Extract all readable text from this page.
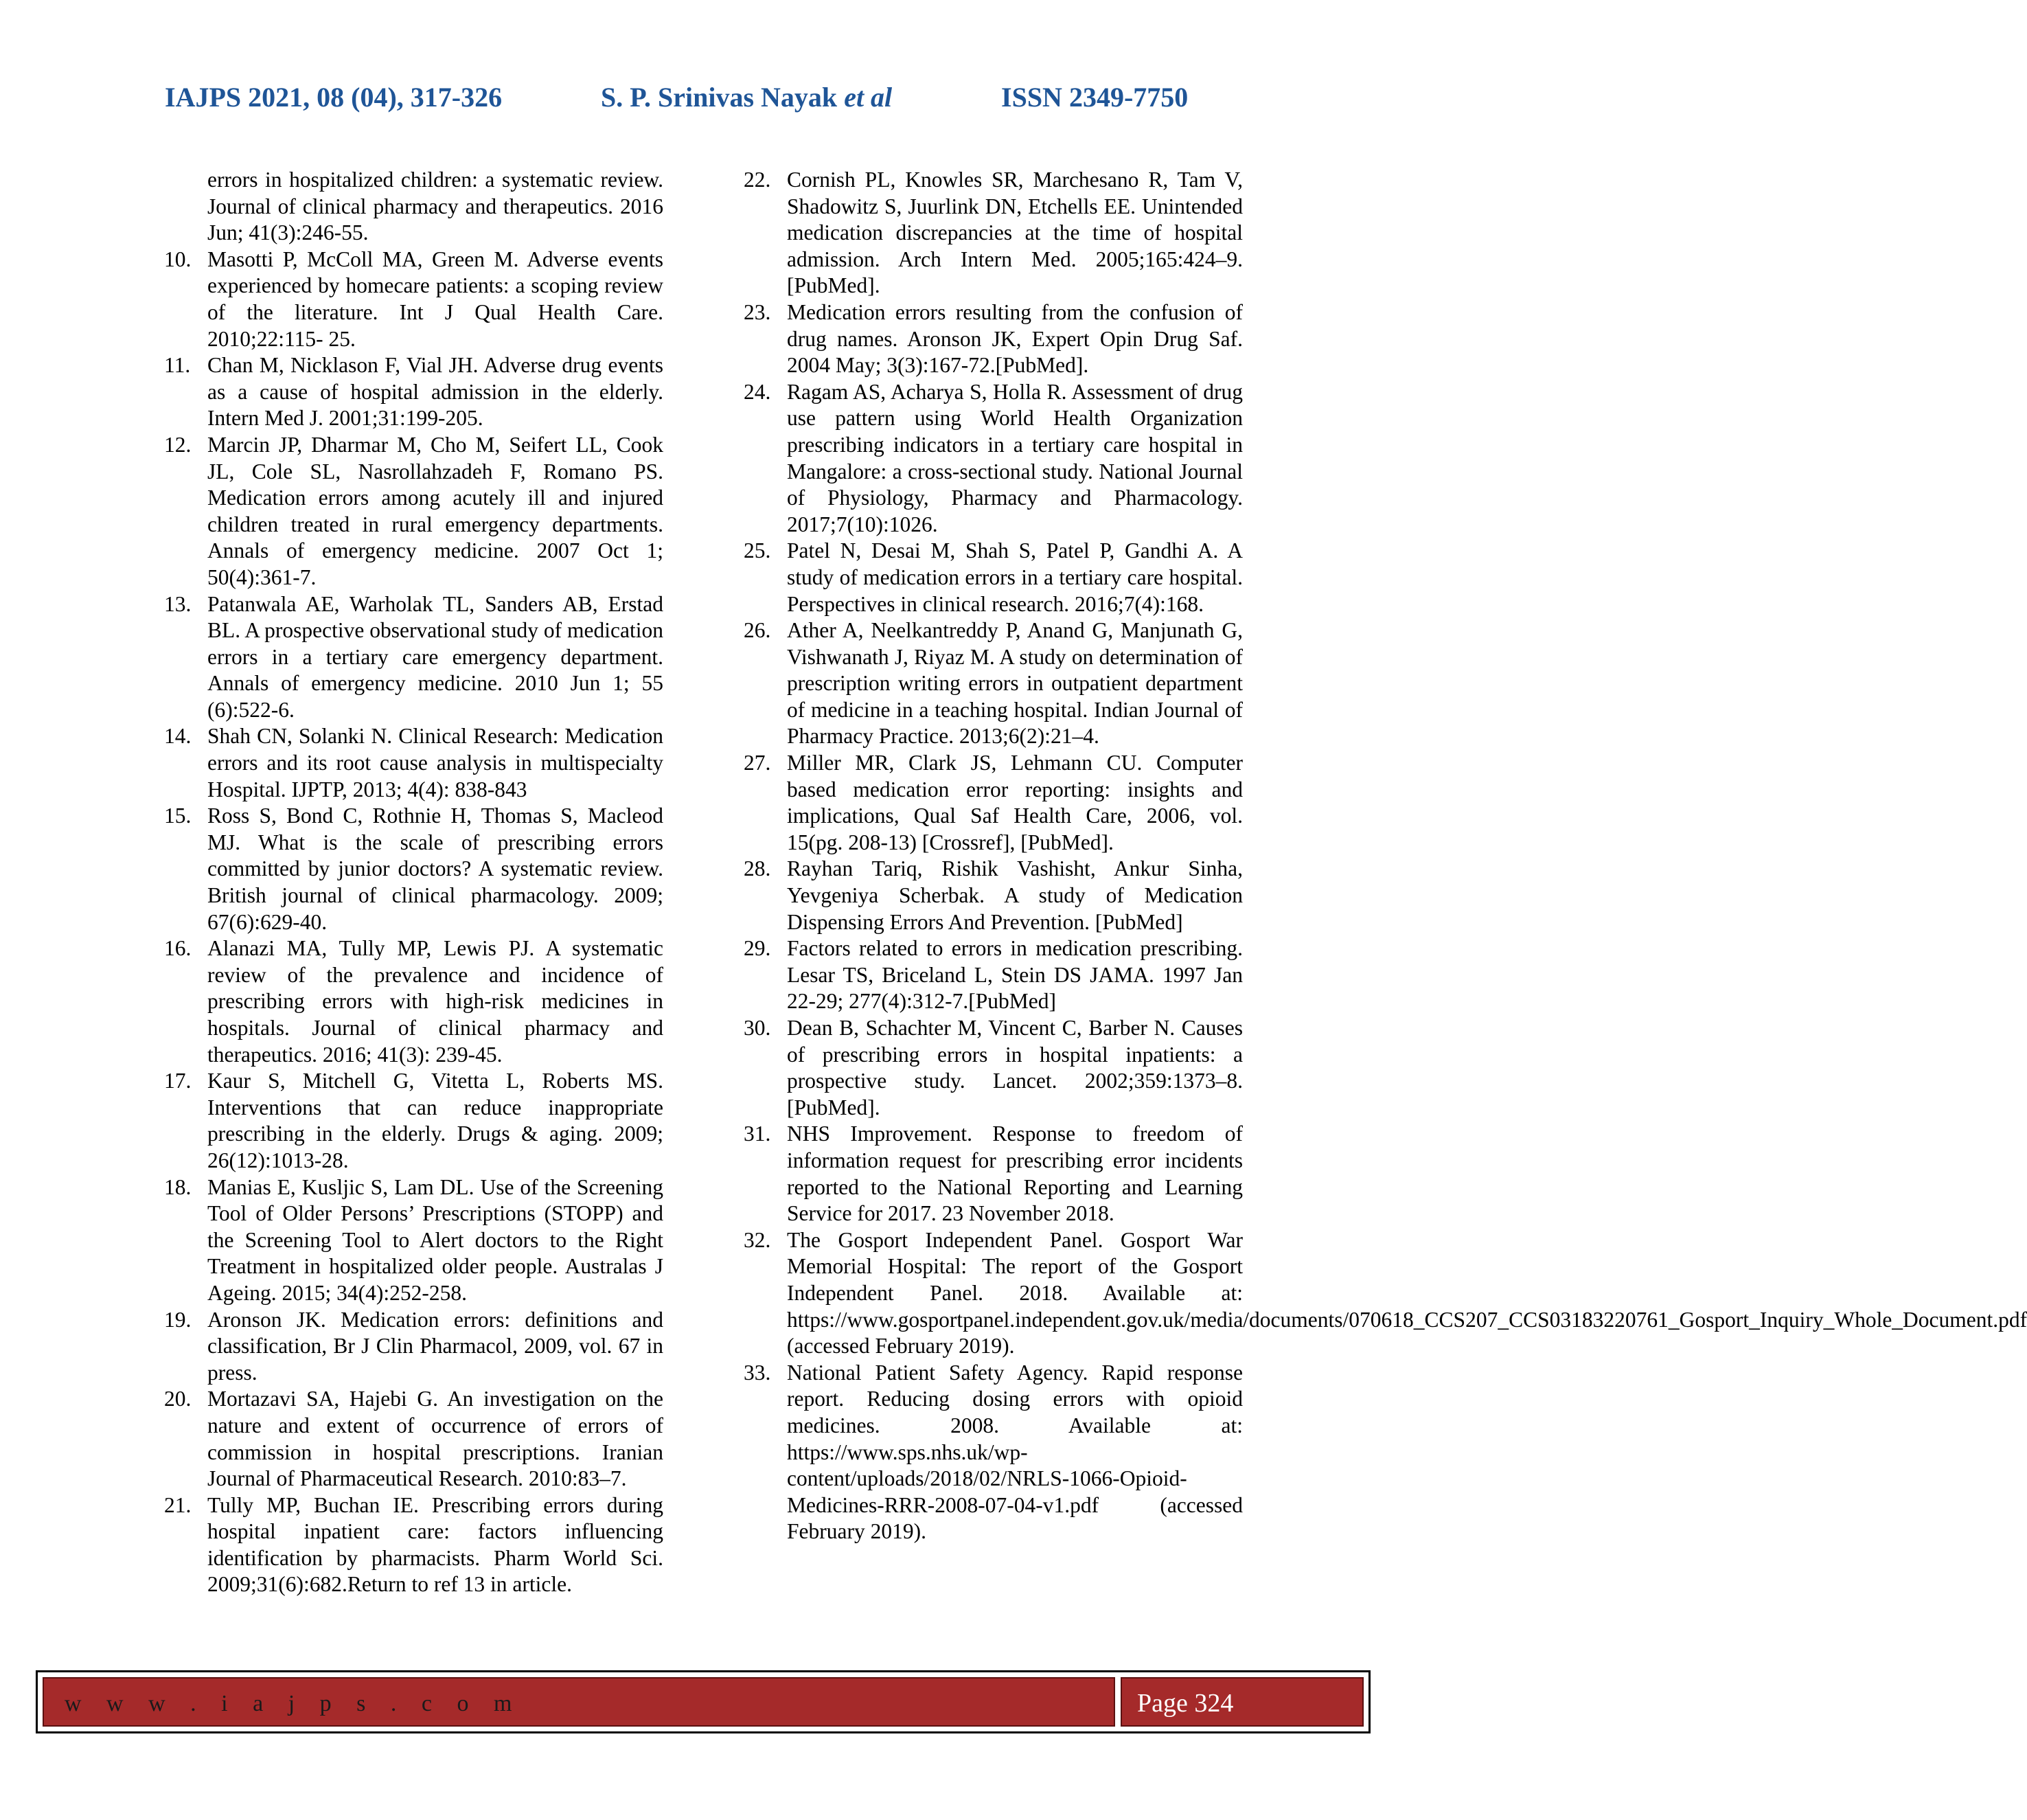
IAJPS 2021, 08 (04), 317-326	S. P. Srinivas Nayak et al	ISSN 2349-7750
errors in hospitalized children: a systematic review. Journal of clinical pharmacy and therapeutics. 2016 Jun; 41(3):246-55.
10. Masotti P, McColl MA, Green M. Adverse events experienced by homecare patients: a scoping review of the literature. Int J Qual Health Care. 2010;22:115- 25.
11. Chan M, Nicklason F, Vial JH. Adverse drug events as a cause of hospital admission in the elderly. Intern Med J. 2001;31:199-205.
12. Marcin JP, Dharmar M, Cho M, Seifert LL, Cook JL, Cole SL, Nasrollahzadeh F, Romano PS. Medication errors among acutely ill and injured children treated in rural emergency departments. Annals of emergency medicine. 2007 Oct 1; 50(4):361-7.
13. Patanwala AE, Warholak TL, Sanders AB, Erstad BL. A prospective observational study of medication errors in a tertiary care emergency department. Annals of emergency medicine. 2010 Jun 1; 55 (6):522-6.
14. Shah CN, Solanki N. Clinical Research: Medication errors and its root cause analysis in multispecialty Hospital. IJPTP, 2013; 4(4): 838-843
15. Ross S, Bond C, Rothnie H, Thomas S, Macleod MJ. What is the scale of prescribing errors committed by junior doctors? A systematic review. British journal of clinical pharmacology. 2009; 67(6):629-40.
16. Alanazi MA, Tully MP, Lewis PJ. A systematic review of the prevalence and incidence of prescribing errors with high-risk medicines in hospitals. Journal of clinical pharmacy and therapeutics. 2016; 41(3): 239-45.
17. Kaur S, Mitchell G, Vitetta L, Roberts MS. Interventions that can reduce inappropriate prescribing in the elderly. Drugs & aging. 2009; 26(12):1013-28.
18. Manias E, Kusljic S, Lam DL. Use of the Screening Tool of Older Persons’ Prescriptions (STOPP) and the Screening Tool to Alert doctors to the Right Treatment in hospitalized older people. Australas J Ageing. 2015; 34(4):252-258.
19. Aronson JK. Medication errors: definitions and classification, Br J Clin Pharmacol, 2009, vol. 67 in press.
20. Mortazavi SA, Hajebi G. An investigation on the nature and extent of occurrence of errors of commission in hospital prescriptions. Iranian Journal of Pharmaceutical Research. 2010:83–7.
21. Tully MP, Buchan IE. Prescribing errors during hospital inpatient care: factors influencing identification by pharmacists. Pharm World Sci. 2009;31(6):682.Return to ref 13 in article.
22. Cornish PL, Knowles SR, Marchesano R, Tam V, Shadowitz S, Juurlink DN, Etchells EE. Unintended medication discrepancies at the time of hospital admission. Arch Intern Med. 2005;165:424–9. [PubMed].
23. Medication errors resulting from the confusion of drug names. Aronson JK, Expert Opin Drug Saf. 2004 May; 3(3):167-72.[PubMed].
24. Ragam AS, Acharya S, Holla R. Assessment of drug use pattern using World Health Organization prescribing indicators in a tertiary care hospital in Mangalore: a cross-sectional study. National Journal of Physiology, Pharmacy and Pharmacology. 2017;7(10):1026.
25. Patel N, Desai M, Shah S, Patel P, Gandhi A. A study of medication errors in a tertiary care hospital. Perspectives in clinical research. 2016;7(4):168.
26. Ather A, Neelkantreddy P, Anand G, Manjunath G, Vishwanath J, Riyaz M. A study on determination of prescription writing errors in outpatient department of medicine in a teaching hospital. Indian Journal of Pharmacy Practice. 2013;6(2):21–4.
27. Miller MR, Clark JS, Lehmann CU. Computer based medication error reporting: insights and implications, Qual Saf Health Care, 2006, vol. 15(pg. 208-13) [Crossref], [PubMed].
28. Rayhan Tariq, Rishik Vashisht, Ankur Sinha, Yevgeniya Scherbak. A study of Medication Dispensing Errors And Prevention. [PubMed]
29. Factors related to errors in medication prescribing. Lesar TS, Briceland L, Stein DS JAMA. 1997 Jan 22-29; 277(4):312-7.[PubMed]
30. Dean B, Schachter M, Vincent C, Barber N. Causes of prescribing errors in hospital inpatients: a prospective study. Lancet. 2002;359:1373–8. [PubMed].
31. NHS Improvement. Response to freedom of information request for prescribing error incidents reported to the National Reporting and Learning Service for 2017. 23 November 2018.
32. The Gosport Independent Panel. Gosport War Memorial Hospital: The report of the Gosport Independent Panel. 2018. Available at: https://www.gosportpanel.independent.gov.uk/media/documents/070618_CCS207_CCS03183220761_Gosport_Inquiry_Whole_Document.pdf (accessed February 2019).
33. National Patient Safety Agency. Rapid response report. Reducing dosing errors with opioid medicines. 2008. Available at: https://www.sps.nhs.uk/wp-content/uploads/2018/02/NRLS-1066-Opioid-Medicines-RRR-2008-07-04-v1.pdf (accessed February 2019).
w w w . i a j p s . c o m	Page 324
